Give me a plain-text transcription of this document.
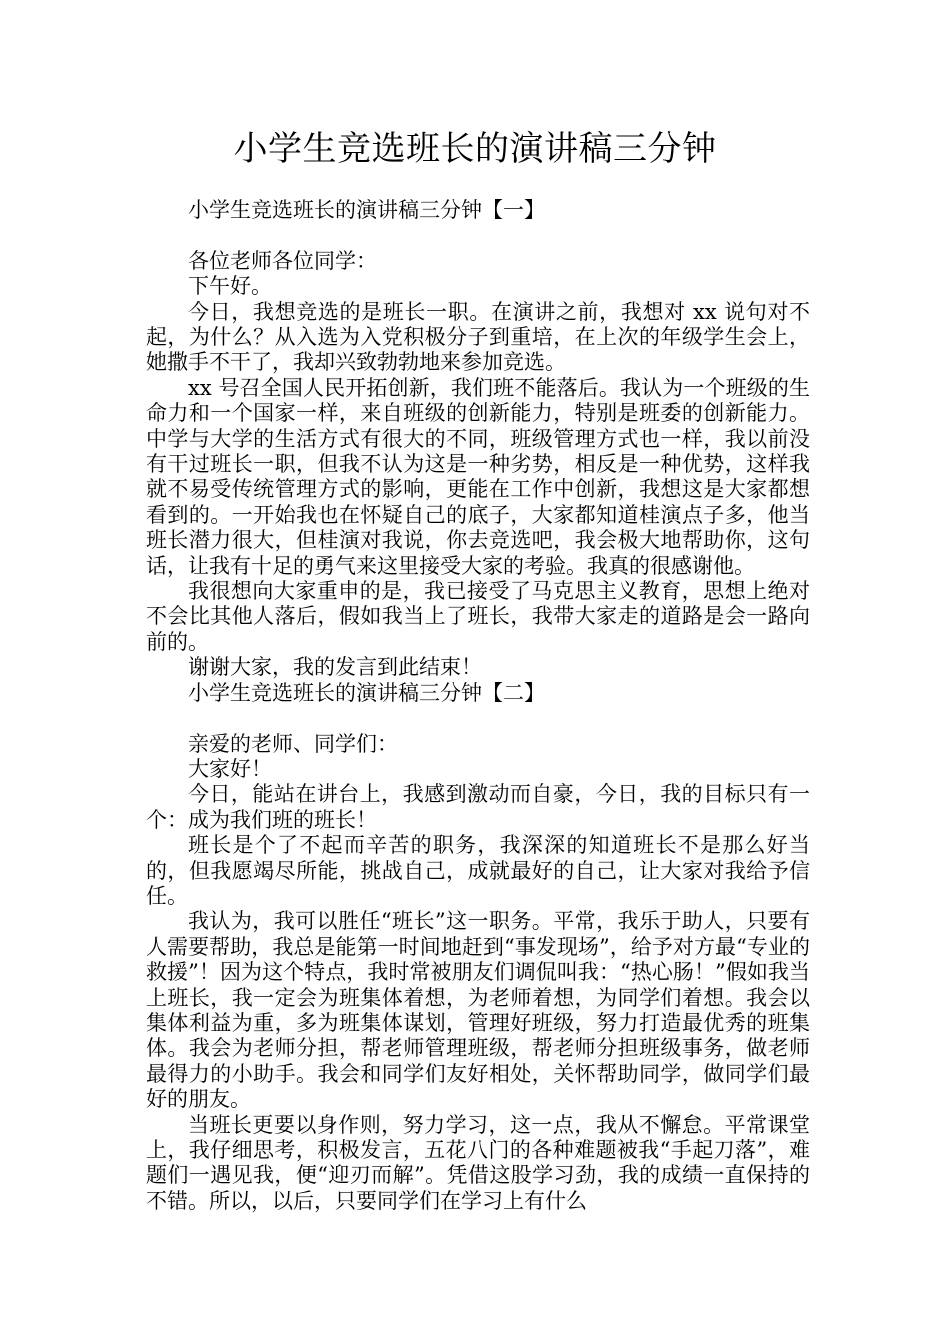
小学生竞选班长的演讲稿三分钟

小学生竞选班长的演讲稿三分钟【一】

各位老师各位同学：

下午好。

今日，我想竞选的是班长一职。在演讲之前，我想对 xx 说句对不起，为什么？从入选为入党积极分子到重培，在上次的年级学生会上，她撒手不干了，我却兴致勃勃地来参加竞选。

xx 号召全国人民开拓创新，我们班不能落后。我认为一个班级的生命力和一个国家一样，来自班级的创新能力，特别是班委的创新能力。中学与大学的生活方式有很大的不同，班级管理方式也一样，我以前没有干过班长一职，但我不认为这是一种劣势，相反是一种优势，这样我就不易受传统管理方式的影响，更能在工作中创新，我想这是大家都想看到的。一开始我也在怀疑自己的底子，大家都知道桂演点子多，他当班长潜力很大，但桂演对我说，你去竞选吧，我会极大地帮助你，这句话，让我有十足的勇气来这里接受大家的考验。我真的很感谢他。

我很想向大家重申的是，我已接受了马克思主义教育，思想上绝对不会比其他人落后，假如我当上了班长，我带大家走的道路是会一路向前的。

谢谢大家，我的发言到此结束！

小学生竞选班长的演讲稿三分钟【二】

亲爱的老师、同学们：

大家好！

今日，能站在讲台上，我感到激动而自豪，今日，我的目标只有一个：成为我们班的班长！

班长是个了不起而辛苦的职务，我深深的知道班长不是那么好当的，但我愿竭尽所能，挑战自己，成就最好的自己，让大家对我给予信任。

我认为，我可以胜任“班长”这一职务。平常，我乐于助人，只要有人需要帮助，我总是能第一时间地赶到“事发现场”，给予对方最“专业的救援”！因为这个特点，我时常被朋友们调侃叫我：“热心肠！”假如我当上班长，我一定会为班集体着想，为老师着想，为同学们着想。我会以集体利益为重，多为班集体谋划，管理好班级，努力打造最优秀的班集体。我会为老师分担，帮老师管理班级，帮老师分担班级事务，做老师最得力的小助手。我会和同学们友好相处，关怀帮助同学，做同学们最好的朋友。

当班长更要以身作则，努力学习，这一点，我从不懈怠。平常课堂上，我仔细思考，积极发言，五花八门的各种难题被我“手起刀落”，难题们一遇见我，便“迎刃而解”。凭借这股学习劲，我的成绩一直保持的不错。所以，以后，只要同学们在学习上有什么
